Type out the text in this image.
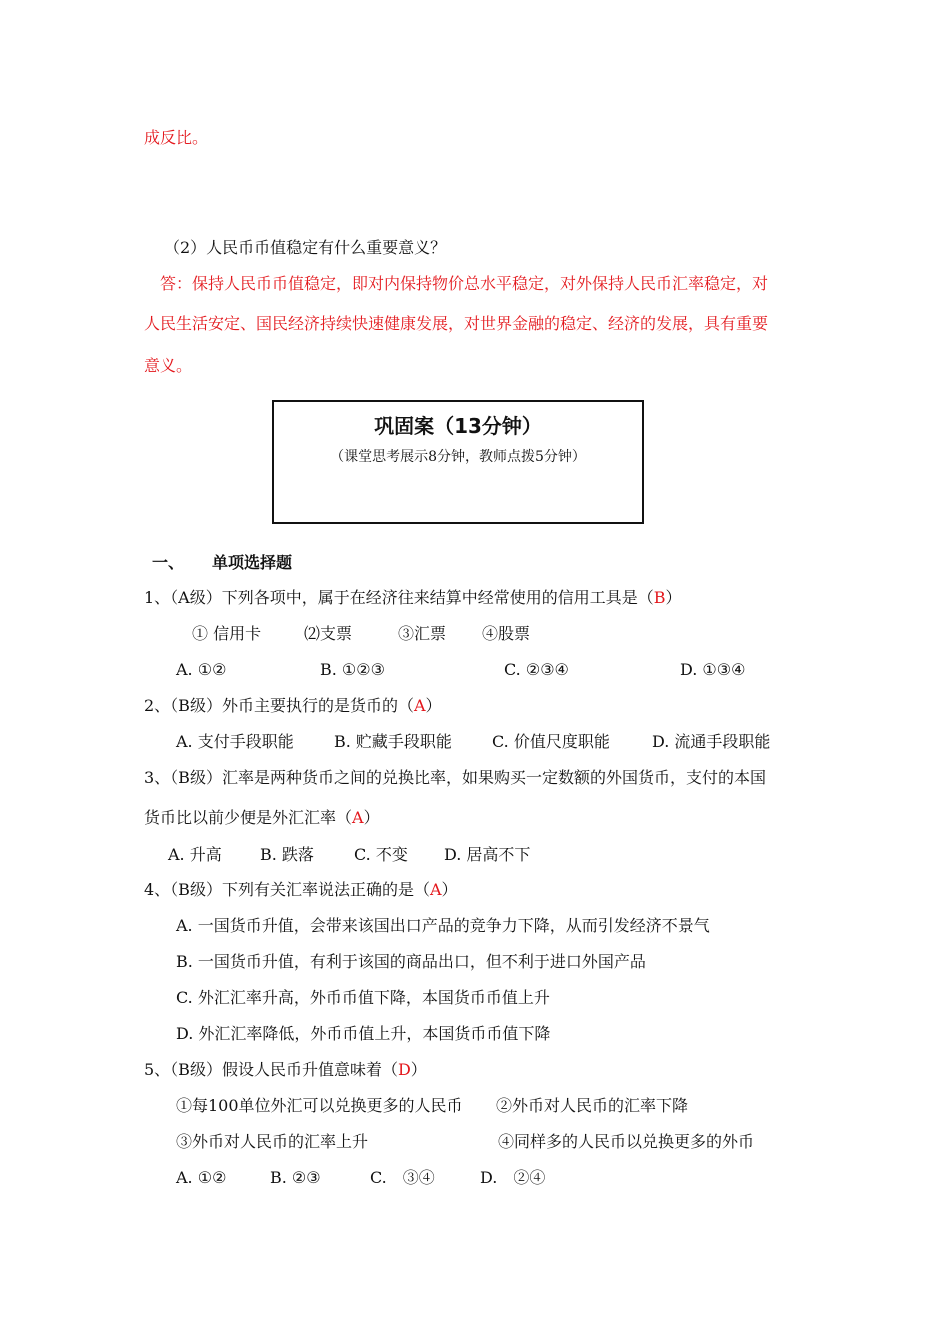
成反比。
（2）人民币币值稳定有什么重要意义？
答：保持人民币币值稳定，即对内保持物价总水平稳定，对外保持人民币汇率稳定，对
人民生活安定、国民经济持续快速健康发展，对世界金融的稳定、经济的发展，具有重要
意义。
巩固案（13分钟）
（课堂思考展示8分钟，教师点拨5分钟）
一、 单项选择题
1、（A级）下列各项中，属于在经济往来结算中经常使用的信用工具是（B）
① 信用卡	⑵支票	③汇票 ④股票
A. ①②	B. ①②③	C. ②③④	D. ①③④
2、（B级）外币主要执行的是货币的（A）
A. 支付手段职能	B. 贮藏手段职能	C. 价值尺度职能	D. 流通手段职能
3、（B级）汇率是两种货币之间的兑换比率，如果购买一定数额的外国货币，支付的本国
货币比以前少便是外汇汇率（A）
A. 升高 B. 跌落	C. 不变 D. 居高不下
4、（B级）下列有关汇率说法正确的是（A）
A. 一国货币升值，会带来该国出口产品的竞争力下降，从而引发经济不景气
B. 一国货币升值，有利于该国的商品出口，但不利于进口外国产品
C. 外汇汇率升高，外币币值下降，本国货币币值上升
D. 外汇汇率降低，外币币值上升，本国货币币值下降
5、（B级）假设人民币升值意味着（D）
①每100单位外汇可以兑换更多的人民币 ②外币对人民币的汇率下降
③外币对人民币的汇率上升	④同样多的人民币以兑换更多的外币
A. ①②	B. ②③	C.　③④	D.　②④
